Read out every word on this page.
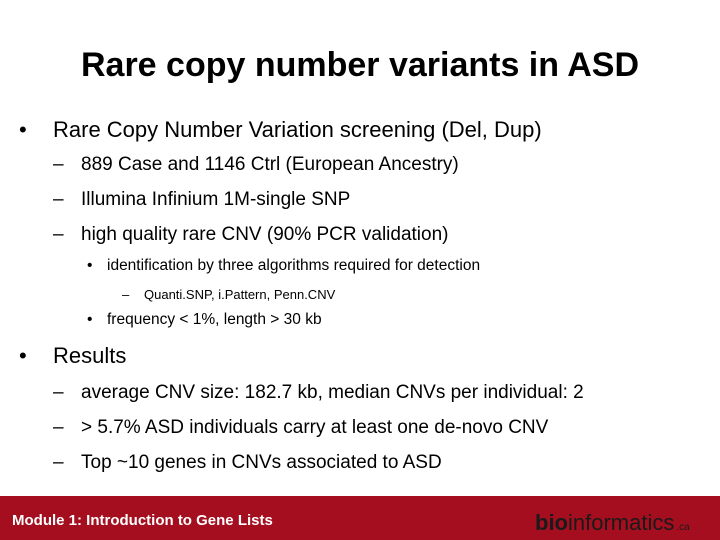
Rare copy number variants in ASD
• Rare Copy Number Variation screening (Del, Dup)
– 889 Case and 1146 Ctrl (European Ancestry)
– Illumina Infinium 1M-single SNP
– high quality rare CNV (90% PCR validation)
• identification by three algorithms required for detection
– Quanti.SNP, i.Pattern, Penn.CNV
• frequency < 1%, length > 30 kb
• Results
– average CNV size: 182.7 kb, median CNVs per individual: 2
– > 5.7% ASD individuals carry at least one de-novo CNV
– Top ~10 genes in CNVs associated to ASD
Module 1: Introduction to Gene Lists	bioinformatics .ca
